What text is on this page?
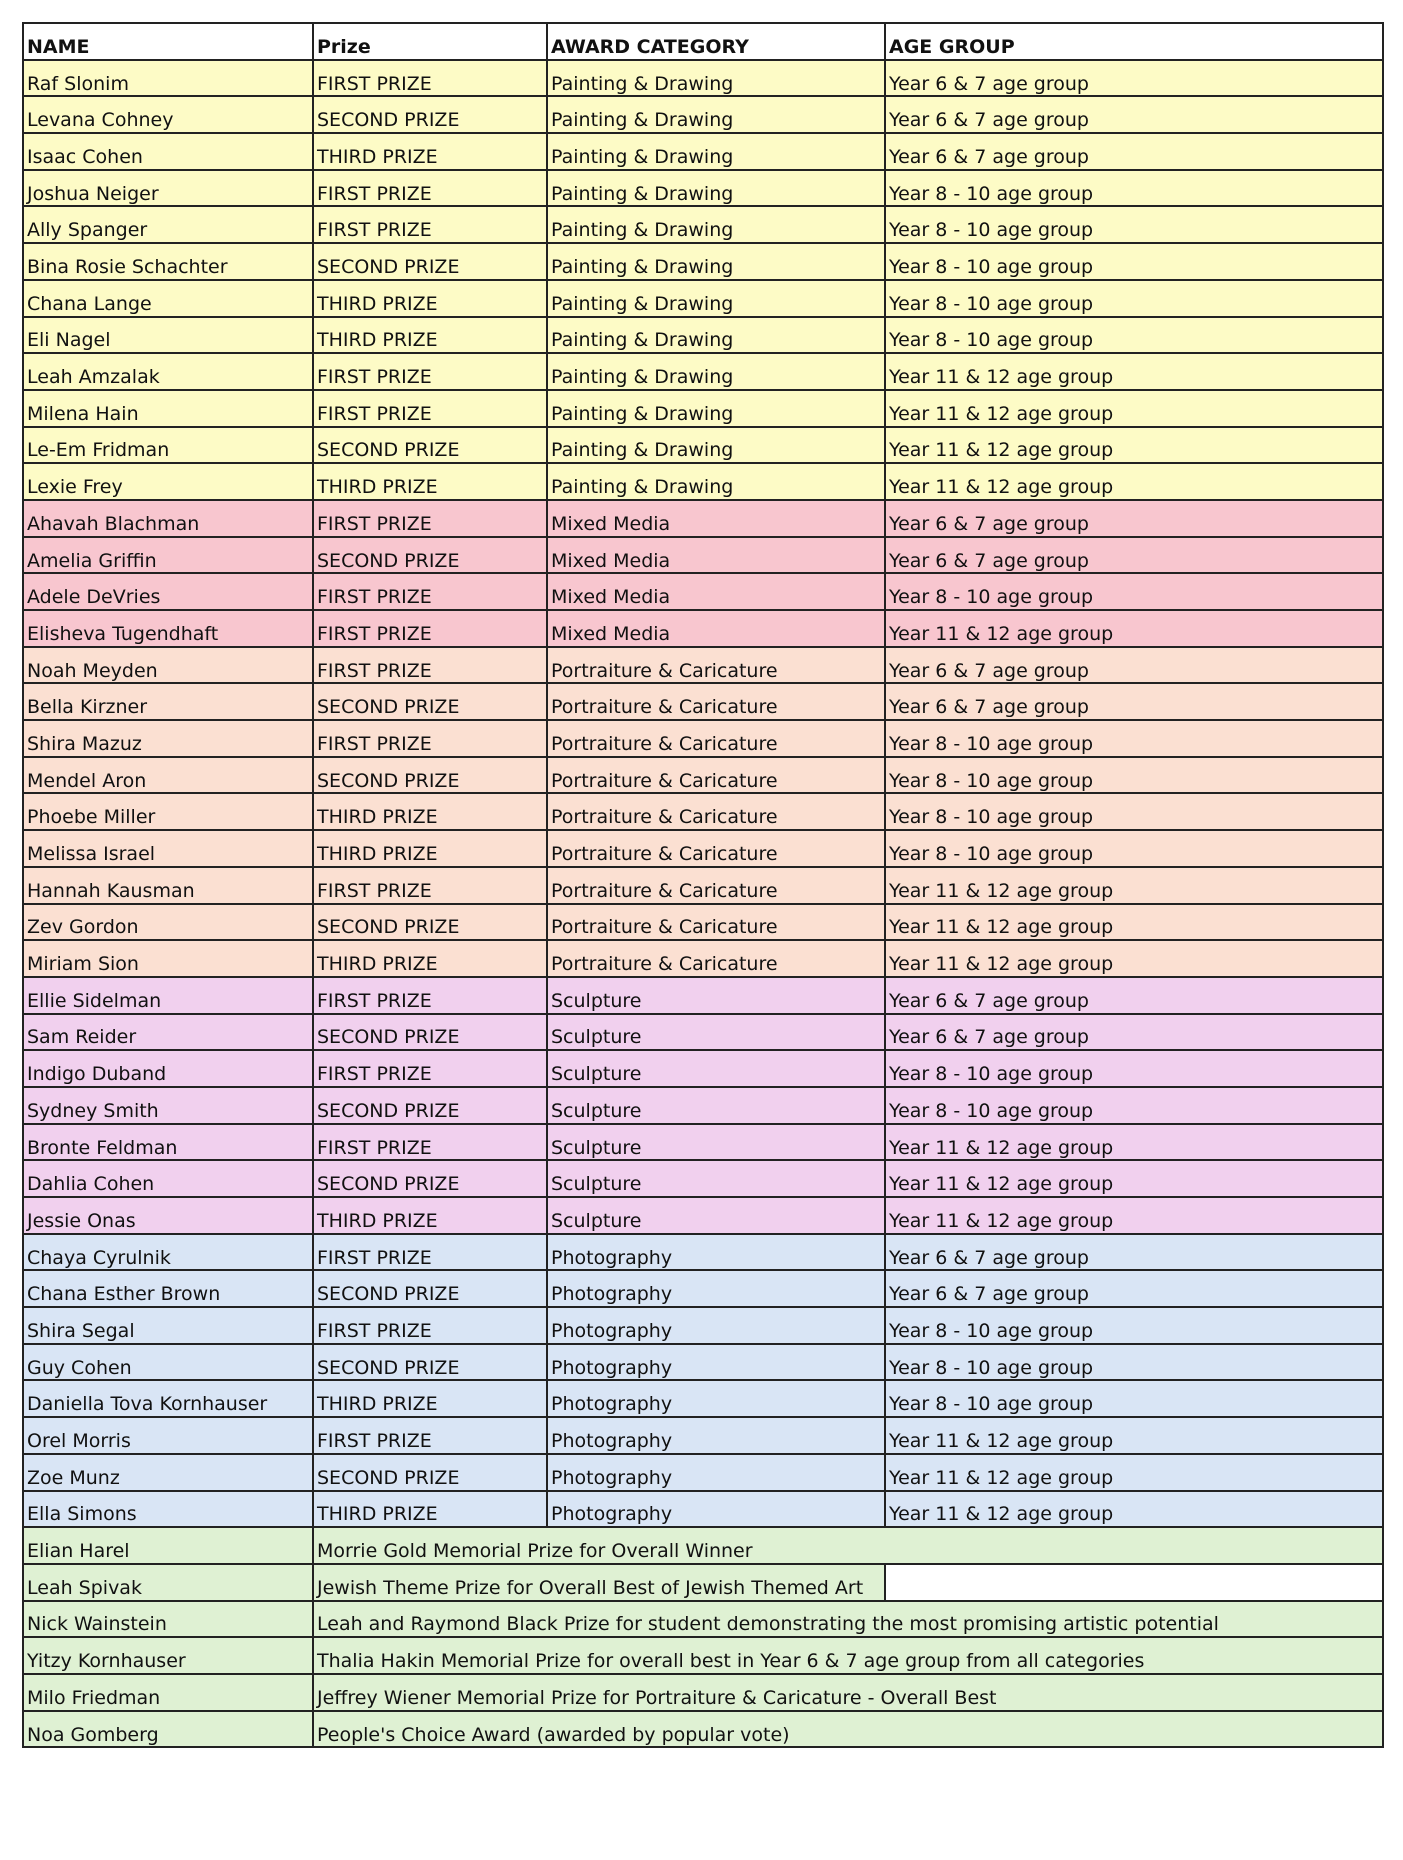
NAME	Prize	AWARD CATEGORY	AGE GROUP
Raf Slonim	FIRST PRIZE	Painting & Drawing	Year 6 & 7 age group
Levana Cohney	SECOND PRIZE	Painting & Drawing	Year 6 & 7 age group
Isaac Cohen	THIRD PRIZE	Painting & Drawing	Year 6 & 7 age group
Joshua Neiger	FIRST PRIZE	Painting & Drawing	Year 8 - 10 age group
Ally Spanger	FIRST PRIZE	Painting & Drawing	Year 8 - 10 age group
Bina Rosie Schachter	SECOND PRIZE	Painting & Drawing	Year 8 - 10 age group
Chana Lange	THIRD PRIZE	Painting & Drawing	Year 8 - 10 age group
Eli Nagel	THIRD PRIZE	Painting & Drawing	Year 8 - 10 age group
Leah Amzalak	FIRST PRIZE	Painting & Drawing	Year 11 & 12 age group
Milena Hain	FIRST PRIZE	Painting & Drawing	Year 11 & 12 age group
Le-Em Fridman	SECOND PRIZE	Painting & Drawing	Year 11 & 12 age group
Lexie Frey	THIRD PRIZE	Painting & Drawing	Year 11 & 12 age group
Ahavah Blachman	FIRST PRIZE	Mixed Media	Year 6 & 7 age group
Amelia Griffin	SECOND PRIZE	Mixed Media	Year 6 & 7 age group
Adele DeVries	FIRST PRIZE	Mixed Media	Year 8 - 10 age group
Elisheva Tugendhaft	FIRST PRIZE	Mixed Media	Year 11 & 12 age group
Noah Meyden	FIRST PRIZE	Portraiture & Caricature	Year 6 & 7 age group
Bella Kirzner	SECOND PRIZE	Portraiture & Caricature	Year 6 & 7 age group
Shira Mazuz	FIRST PRIZE	Portraiture & Caricature	Year 8 - 10 age group
Mendel Aron	SECOND PRIZE	Portraiture & Caricature	Year 8 - 10 age group
Phoebe Miller	THIRD PRIZE	Portraiture & Caricature	Year 8 - 10 age group
Melissa Israel	THIRD PRIZE	Portraiture & Caricature	Year 8 - 10 age group
Hannah Kausman	FIRST PRIZE	Portraiture & Caricature	Year 11 & 12 age group
Zev Gordon	SECOND PRIZE	Portraiture & Caricature	Year 11 & 12 age group
Miriam Sion	THIRD PRIZE	Portraiture & Caricature	Year 11 & 12 age group
Ellie Sidelman	FIRST PRIZE	Sculpture	Year 6 & 7 age group
Sam Reider	SECOND PRIZE	Sculpture	Year 6 & 7 age group
Indigo Duband	FIRST PRIZE	Sculpture	Year 8 - 10 age group
Sydney Smith	SECOND PRIZE	Sculpture	Year 8 - 10 age group
Bronte Feldman	FIRST PRIZE	Sculpture	Year 11 & 12 age group
Dahlia Cohen	SECOND PRIZE	Sculpture	Year 11 & 12 age group
Jessie Onas	THIRD PRIZE	Sculpture	Year 11 & 12 age group
Chaya Cyrulnik	FIRST PRIZE	Photography	Year 6 & 7 age group
Chana Esther Brown	SECOND PRIZE	Photography	Year 6 & 7 age group
Shira Segal	FIRST PRIZE	Photography	Year 8 - 10 age group
Guy Cohen	SECOND PRIZE	Photography	Year 8 - 10 age group
Daniella Tova Kornhauser	THIRD PRIZE	Photography	Year 8 - 10 age group
Orel Morris	FIRST PRIZE	Photography	Year 11 & 12 age group
Zoe Munz	SECOND PRIZE	Photography	Year 11 & 12 age group
Ella Simons	THIRD PRIZE	Photography	Year 11 & 12 age group
Elian Harel	Morrie Gold Memorial Prize for Overall Winner		
Leah Spivak	Jewish Theme Prize for Overall Best of Jewish Themed Art		
Nick Wainstein	Leah and Raymond Black Prize for student demonstrating the most promising artistic potential		
Yitzy Kornhauser	Thalia Hakin Memorial Prize for overall best in Year 6 & 7 age group from all categories		
Milo Friedman	Jeffrey Wiener Memorial Prize for Portraiture & Caricature - Overall Best		
Noa Gomberg	People's Choice Award (awarded by popular vote)		
